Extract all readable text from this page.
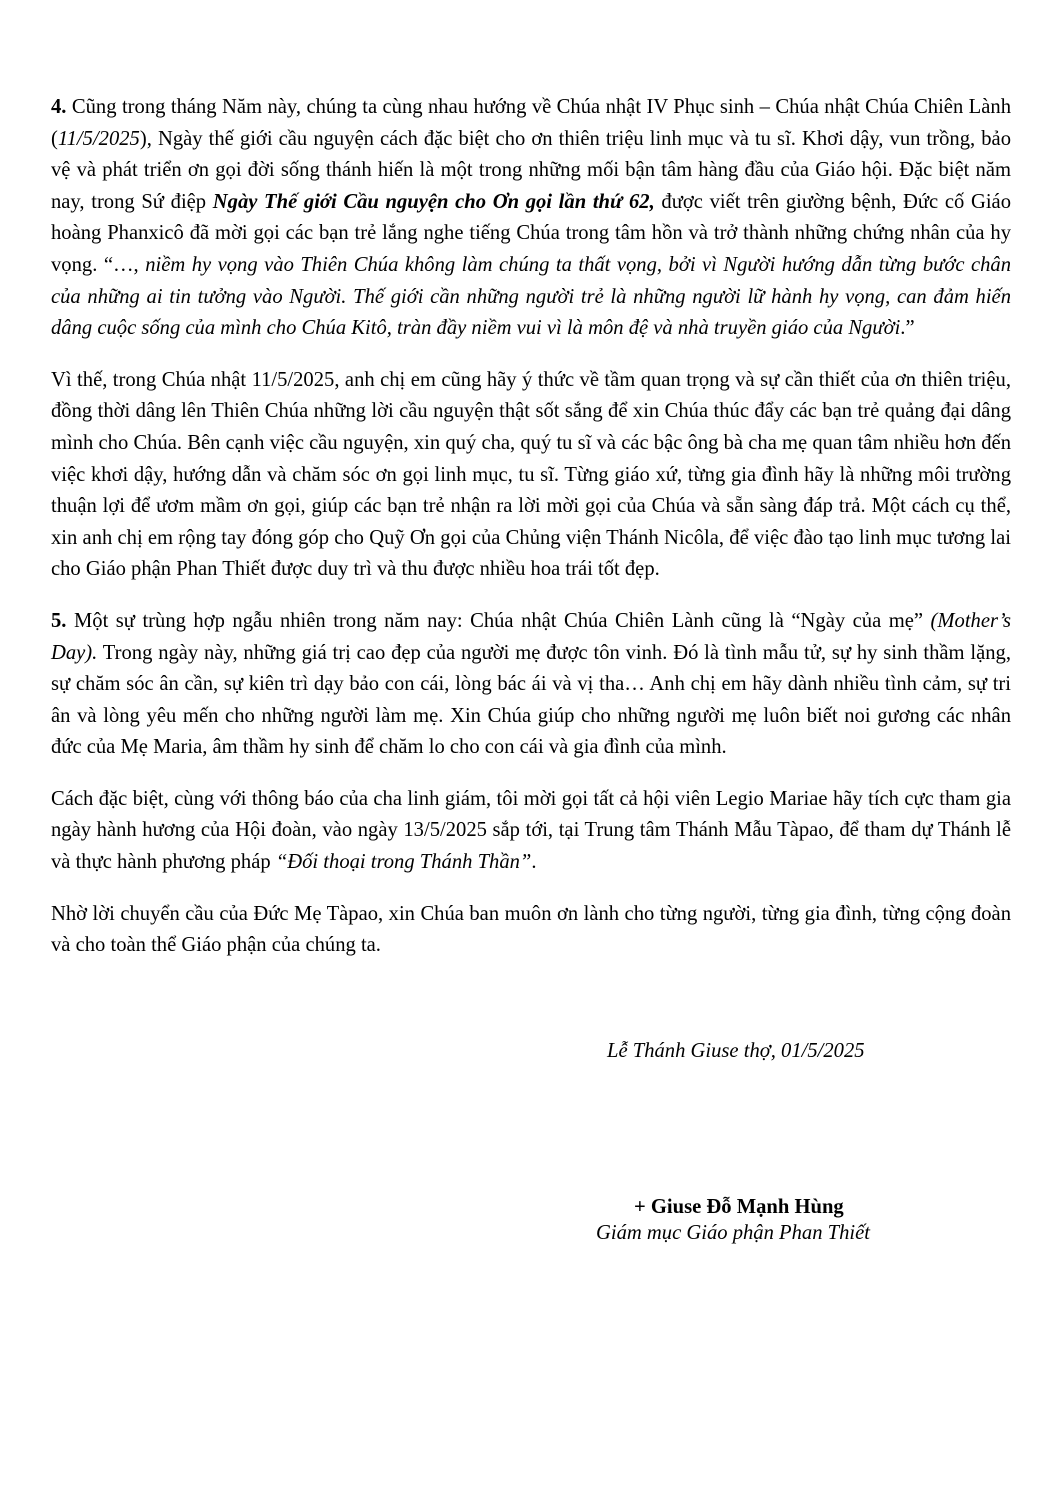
4. Cũng trong tháng Năm này, chúng ta cùng nhau hướng về Chúa nhật IV Phục sinh – Chúa nhật Chúa Chiên Lành (11/5/2025), Ngày thế giới cầu nguyện cách đặc biệt cho ơn thiên triệu linh mục và tu sĩ. Khơi dậy, vun trồng, bảo vệ và phát triển ơn gọi đời sống thánh hiến là một trong những mối bận tâm hàng đầu của Giáo hội. Đặc biệt năm nay, trong Sứ điệp Ngày Thế giới Cầu nguyện cho Ơn gọi lần thứ 62, được viết trên giường bệnh, Đức cố Giáo hoàng Phanxicô đã mời gọi các bạn trẻ lắng nghe tiếng Chúa trong tâm hồn và trở thành những chứng nhân của hy vọng. “…, niềm hy vọng vào Thiên Chúa không làm chúng ta thất vọng, bởi vì Người hướng dẫn từng bước chân của những ai tin tưởng vào Người. Thế giới cần những người trẻ là những người lữ hành hy vọng, can đảm hiến dâng cuộc sống của mình cho Chúa Kitô, tràn đầy niềm vui vì là môn đệ và nhà truyền giáo của Người.”

Vì thế, trong Chúa nhật 11/5/2025, anh chị em cũng hãy ý thức về tầm quan trọng và sự cần thiết của ơn thiên triệu, đồng thời dâng lên Thiên Chúa những lời cầu nguyện thật sốt sắng để xin Chúa thúc đẩy các bạn trẻ quảng đại dâng mình cho Chúa. Bên cạnh việc cầu nguyện, xin quý cha, quý tu sĩ và các bậc ông bà cha mẹ quan tâm nhiều hơn đến việc khơi dậy, hướng dẫn và chăm sóc ơn gọi linh mục, tu sĩ. Từng giáo xứ, từng gia đình hãy là những môi trường thuận lợi để ươm mầm ơn gọi, giúp các bạn trẻ nhận ra lời mời gọi của Chúa và sẵn sàng đáp trả. Một cách cụ thể, xin anh chị em rộng tay đóng góp cho Quỹ Ơn gọi của Chủng viện Thánh Nicôla, để việc đào tạo linh mục tương lai cho Giáo phận Phan Thiết được duy trì và thu được nhiều hoa trái tốt đẹp.

5. Một sự trùng hợp ngẫu nhiên trong năm nay: Chúa nhật Chúa Chiên Lành cũng là “Ngày của mẹ” (Mother’s Day). Trong ngày này, những giá trị cao đẹp của người mẹ được tôn vinh. Đó là tình mẫu tử, sự hy sinh thầm lặng, sự chăm sóc ân cần, sự kiên trì dạy bảo con cái, lòng bác ái và vị tha… Anh chị em hãy dành nhiều tình cảm, sự tri ân và lòng yêu mến cho những người làm mẹ. Xin Chúa giúp cho những người mẹ luôn biết noi gương các nhân đức của Mẹ Maria, âm thầm hy sinh để chăm lo cho con cái và gia đình của mình.

Cách đặc biệt, cùng với thông báo của cha linh giám, tôi mời gọi tất cả hội viên Legio Mariae hãy tích cực tham gia ngày hành hương của Hội đoàn, vào ngày 13/5/2025 sắp tới, tại Trung tâm Thánh Mẫu Tàpao, để tham dự Thánh lễ và thực hành phương pháp “Đối thoại trong Thánh Thần”.

Nhờ lời chuyển cầu của Đức Mẹ Tàpao, xin Chúa ban muôn ơn lành cho từng người, từng gia đình, từng cộng đoàn và cho toàn thể Giáo phận của chúng ta.

Lễ Thánh Giuse thợ, 01/5/2025
+ Giuse Đỗ Mạnh Hùng
Giám mục Giáo phận Phan Thiết
